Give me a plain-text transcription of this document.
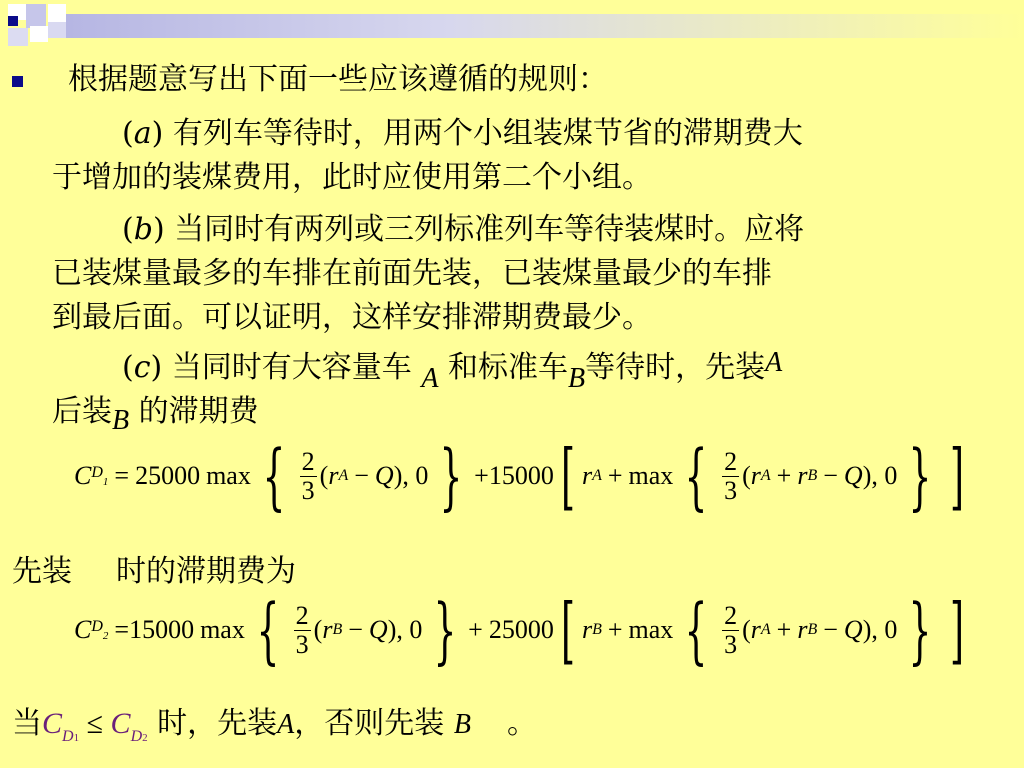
根据题意写出下面一些应该遵循的规则：
(a) 有列车等待时，用两个小组装煤节省的滞期费大
于增加的装煤费用，此时应使用第二个小组。
(b) 当同时有两列或三列标准列车等待装煤时。应将
已装煤量最多的车排在前面先装，已装煤量最少的车排
到最后面。可以证明，这样安排滞期费最少。
(c) 当同时有大容量车 A 和标准车B等待时，先装A
后装B 的滞期费
C $D_1 = 25000$ max { $\frac{2}{3}$ ( r A − Q ), 0 } + 15000 [ r A + max { $\frac{2}{3}$ ( r A + r B − Q ), 0 } ]
先装 时的滞期费为
C $D_2 = 15000$ max { $\frac{2}{3}$ ( r B − Q ), 0 } + 25000 [ r B + max { $\frac{2}{3}$ ( r A + r B − Q ), 0 } ]
当$C_{D1} \le C_{D2}$ 时，先装A，否则先装 B 。
